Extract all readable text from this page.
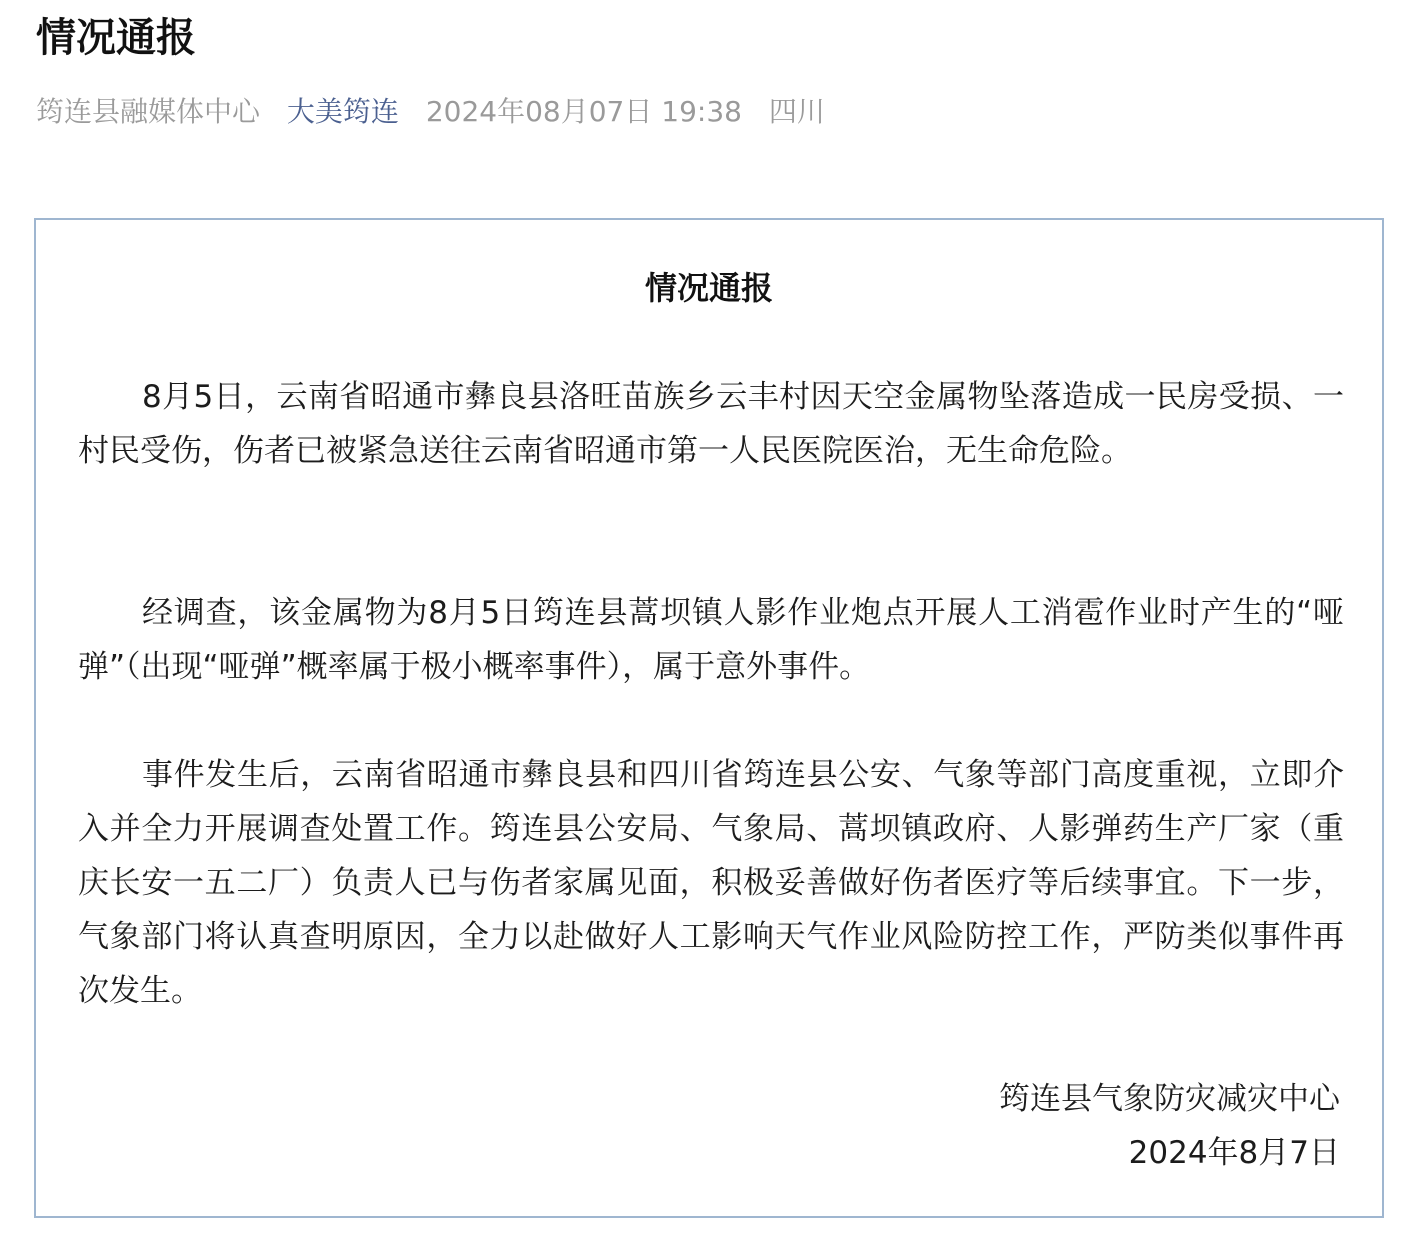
情况通报
筠连县融媒体中心 大美筠连 2024年08月07日 19:38 四川
情况通报

8月5日，云南省昭通市彝良县洛旺苗族乡云丰村因天空金属物坠落造成一民房受损、一村民受伤，伤者已被紧急送往云南省昭通市第一人民医院医治，无生命危险。

经调查，该金属物为8月5日筠连县蒿坝镇人影作业炮点开展人工消雹作业时产生的“哑弹”（出现“哑弹”概率属于极小概率事件），属于意外事件。

事件发生后，云南省昭通市彝良县和四川省筠连县公安、气象等部门高度重视，立即介入并全力开展调查处置工作。筠连县公安局、气象局、蒿坝镇政府、人影弹药生产厂家（重庆长安一五二厂）负责人已与伤者家属见面，积极妥善做好伤者医疗等后续事宜。下一步，气象部门将认真查明原因，全力以赴做好人工影响天气作业风险防控工作，严防类似事件再次发生。

筠连县气象防灾减灾中心
2024年8月7日
